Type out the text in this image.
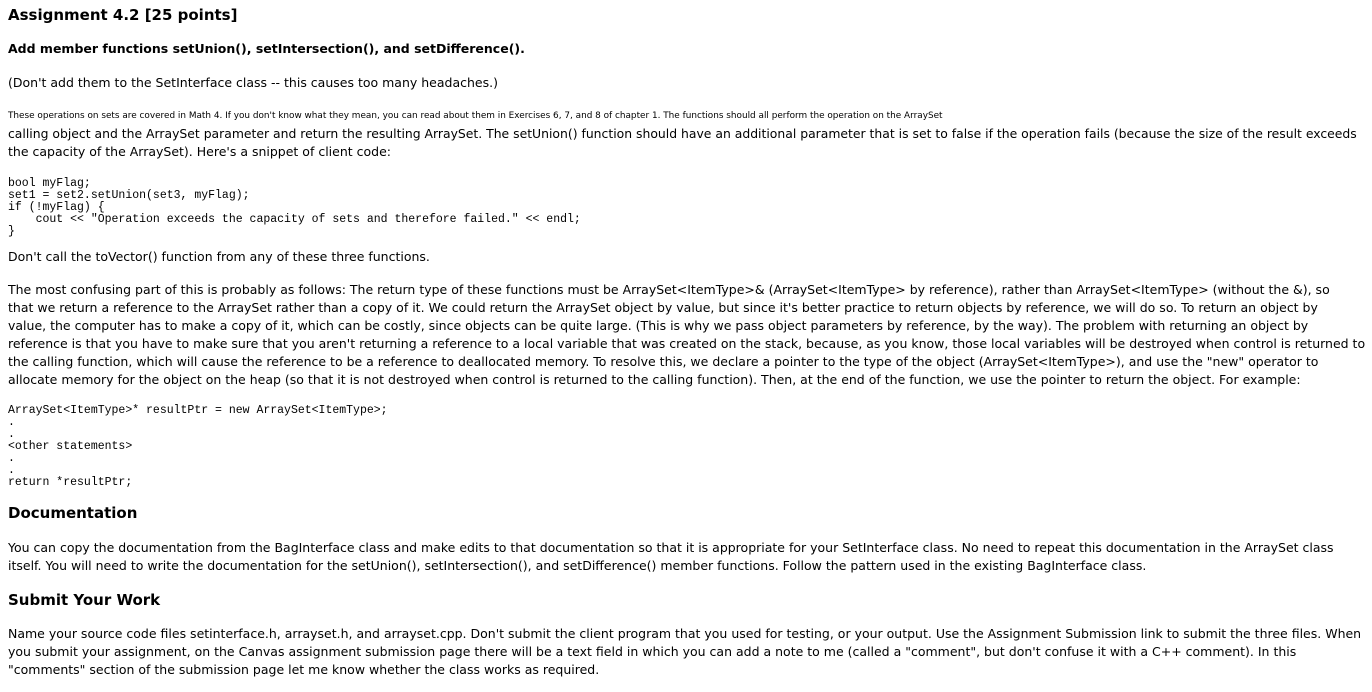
Assignment 4.2 [25 points]
Add member functions setUnion(), setIntersection(), and setDifference().

(Don't add them to the SetInterface class -- this causes too many headaches.)

These operations on sets are covered in Math 4. If you don't know what they mean, you can read about them in Exercises 6, 7, and 8 of chapter 1. The functions should all perform the operation on the ArraySet
calling object and the ArraySet parameter and return the resulting ArraySet. The setUnion() function should have an additional parameter that is set to false if the operation fails (because the size of the result exceeds
the capacity of the ArraySet). Here's a snippet of client code:

bool myFlag;
set1 = set2.setUnion(set3, myFlag);
if (!myFlag) {
cout << "Operation exceeds the capacity of sets and therefore failed." << endl;
}

Don't call the toVector() function from any of these three functions.

The most confusing part of this is probably as follows: The return type of these functions must be ArraySet<ItemType>& (ArraySet<ItemType> by reference), rather than ArraySet<ItemType> (without the &), so
that we return a reference to the ArraySet rather than a copy of it. We could return the ArraySet object by value, but since it's better practice to return objects by reference, we will do so. To return an object by
value, the computer has to make a copy of it, which can be costly, since objects can be quite large. (This is why we pass object parameters by reference, by the way). The problem with returning an object by
reference is that you have to make sure that you aren't returning a reference to a local variable that was created on the stack, because, as you know, those local variables will be destroyed when control is returned to
the calling function, which will cause the reference to be a reference to deallocated memory. To resolve this, we declare a pointer to the type of the object (ArraySet<ItemType>), and use the "new" operator to
allocate memory for the object on the heap (so that it is not destroyed when control is returned to the calling function). Then, at the end of the function, we use the pointer to return the object. For example:

ArraySet<ItemType>* resultPtr = new ArraySet<ItemType>;
.
.
<other statements>
.
.
return *resultPtr;
Documentation

You can copy the documentation from the BagInterface class and make edits to that documentation so that it is appropriate for your SetInterface class. No need to repeat this documentation in the ArraySet class
itself. You will need to write the documentation for the setUnion(), setIntersection(), and setDifference() member functions. Follow the pattern used in the existing BagInterface class.

Submit Your Work

Name your source code files setinterface.h, arrayset.h, and arrayset.cpp. Don't submit the client program that you used for testing, or your output. Use the Assignment Submission link to submit the three files. When
you submit your assignment, on the Canvas assignment submission page there will be a text field in which you can add a note to me (called a "comment", but don't confuse it with a C++ comment). In this
"comments" section of the submission page let me know whether the class works as required.
